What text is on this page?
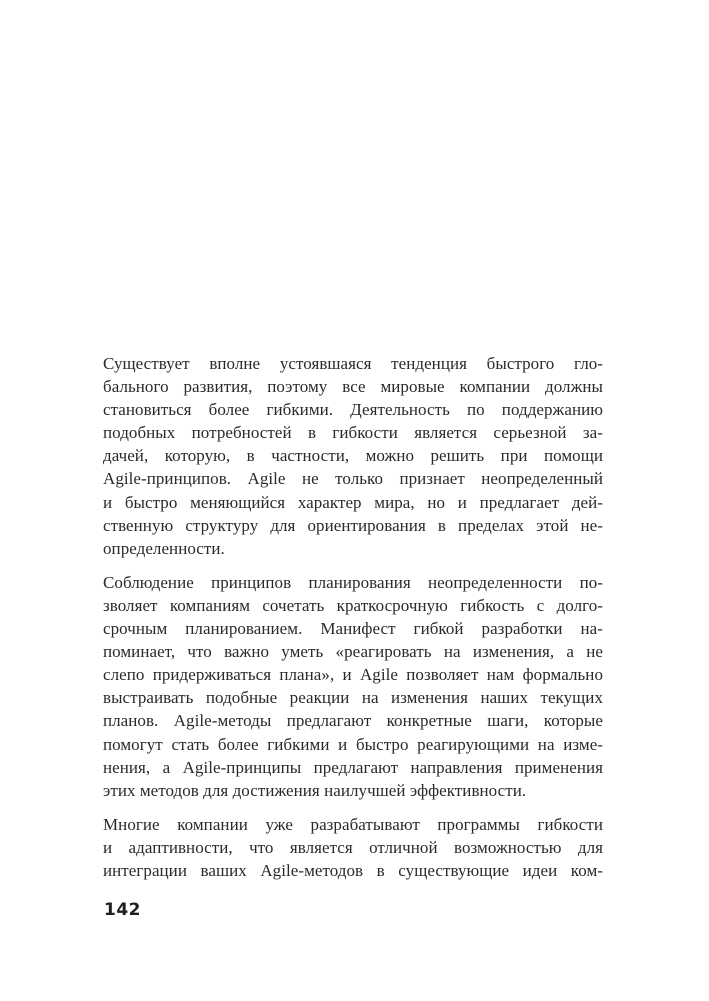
Существует вполне устоявшаяся тенденция быстрого гло-
бального развития, поэтому все мировые компании должны
становиться более гибкими. Деятельность по поддержанию
подобных потребностей в гибкости является серьезной за-
дачей, которую, в частности, можно решить при помощи
Agile-принципов. Agile не только признает неопределенный
и быстро меняющийся характер мира, но и предлагает дей-
ственную структуру для ориентирования в пределах этой не-
определенности.
Соблюдение принципов планирования неопределенности по-
зволяет компаниям сочетать краткосрочную гибкость с долго-
срочным планированием. Манифест гибкой разработки на-
поминает, что важно уметь «реагировать на изменения, а не
слепо придерживаться плана», и Agile позволяет нам формально
выстраивать подобные реакции на изменения наших текущих
планов. Agile-методы предлагают конкретные шаги, которые
помогут стать более гибкими и быстро реагирующими на изме-
нения, а Agile-принципы предлагают направления применения
этих методов для достижения наилучшей эффективности.
Многие компании уже разрабатывают программы гибкости
и адаптивности, что является отличной возможностью для
интеграции ваших Agile-методов в существующие идеи ком-
142
